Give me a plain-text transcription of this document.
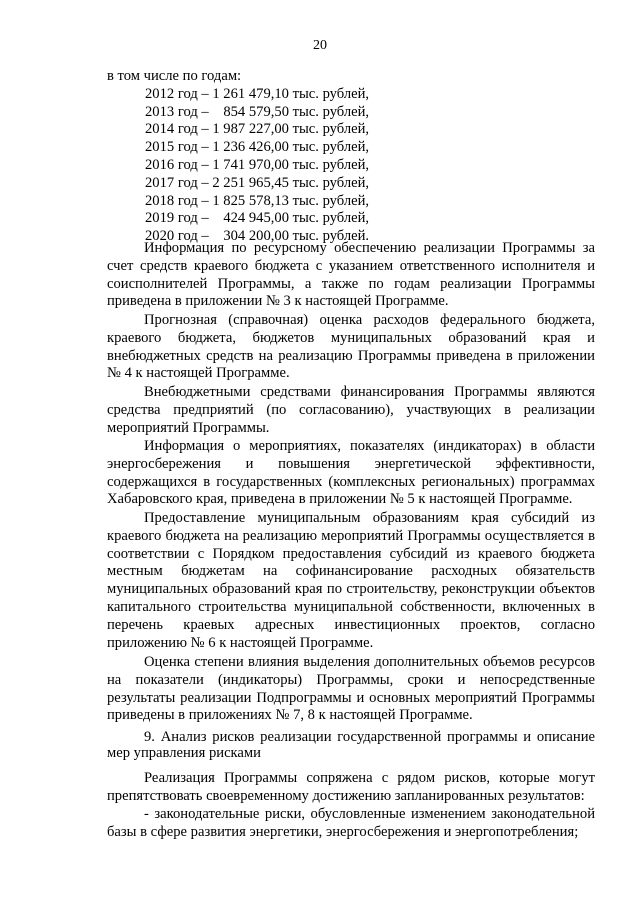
20
в том числе по годам:
2012 год – 1 261 479,10 тыс. рублей,
2013 год –    854 579,50 тыс. рублей,
2014 год – 1 987 227,00 тыс. рублей,
2015 год – 1 236 426,00 тыс. рублей,
2016 год – 1 741 970,00 тыс. рублей,
2017 год – 2 251 965,45 тыс. рублей,
2018 год – 1 825 578,13 тыс. рублей,
2019 год –    424 945,00 тыс. рублей,
2020 год –    304 200,00 тыс. рублей.
Информация по ресурсному обеспечению реализации Программы за счет средств краевого бюджета с указанием ответственного исполнителя и соисполнителей Программы, а также по годам реализации Программы приведена в приложении № 3 к настоящей Программе.
Прогнозная (справочная) оценка расходов федерального бюджета, краевого бюджета, бюджетов муниципальных образований края и внебюджетных средств на реализацию Программы приведена в приложении № 4 к настоящей Программе.
Внебюджетными средствами финансирования Программы являются средства предприятий (по согласованию), участвующих в реализации мероприятий Программы.
Информация о мероприятиях, показателях (индикаторах) в области энергосбережения и повышения энергетической эффективности, содержащихся в государственных (комплексных региональных) программах Хабаровского края, приведена в приложении № 5 к настоящей Программе.
Предоставление муниципальным образованиям края субсидий из краевого бюджета на реализацию мероприятий Программы осуществляется в соответствии с Порядком предоставления субсидий из краевого бюджета местным бюджетам на софинансирование расходных обязательств муниципальных образований края по строительству, реконструкции объектов капитального строительства муниципальной собственности, включенных в перечень краевых адресных инвестиционных проектов, согласно приложению № 6 к настоящей Программе.
Оценка степени влияния выделения дополнительных объемов ресурсов на показатели (индикаторы) Программы, сроки и непосредственные результаты реализации Подпрограммы и основных мероприятий Программы приведены в приложениях № 7, 8 к настоящей Программе.
9. Анализ рисков реализации государственной программы и описание мер управления рисками
Реализация Программы сопряжена с рядом рисков, которые могут препятствовать своевременному достижению запланированных результатов:
- законодательные риски, обусловленные изменением законодательной базы в сфере развития энергетики, энергосбережения и энергопотребления;
